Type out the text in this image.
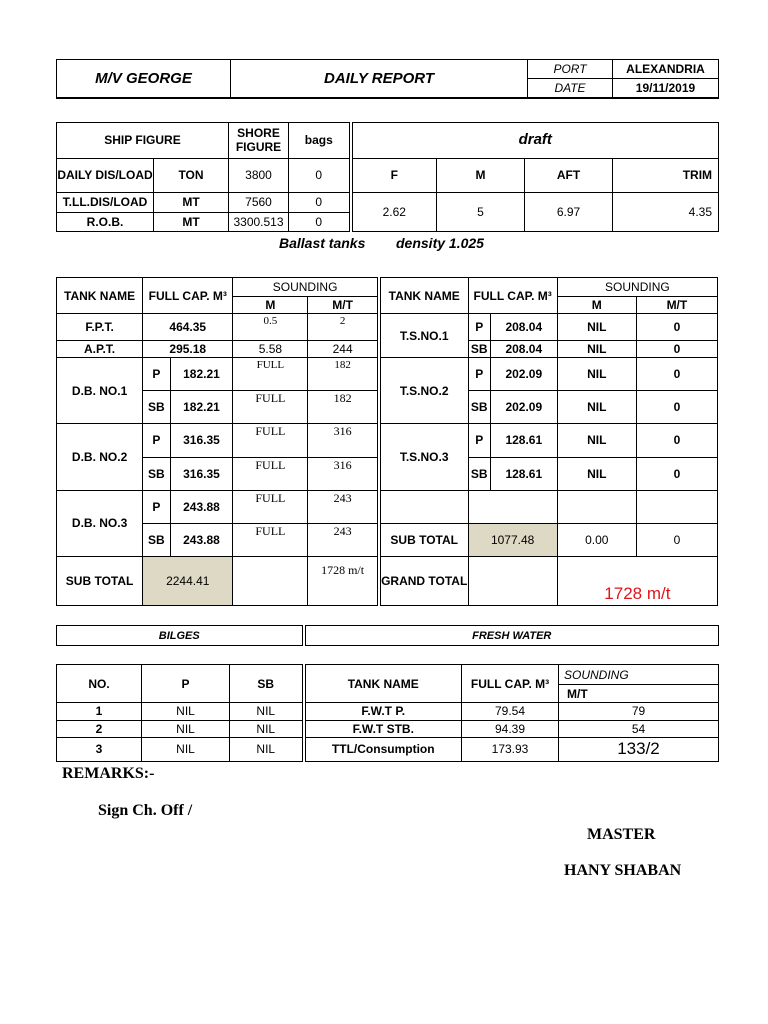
M/V GEORGE	DAILY REPORT	PORT	ALEXANDRIA
		DATE	19/11/2019
SHIP FIGURE		SHORE FIGURE	bags	draft			
DAILY DIS/LOAD	TON	3800	0	F	M	AFT	TRIM
T.LL.DIS/LOAD	MT	7560	0	2.62	5	6.97	4.35
R.O.B.	MT	3300.513	0				
Ballast tanks density 1.025
TANK NAME	FULL CAP. M³		SOUNDING		TANK NAME	FULL CAP. M³		SOUNDING	
			M	M/T				M	M/T
F.P.T.	464.35		0.5	2	T.S.NO.1	P	208.04	NIL	0
A.P.T.	295.18		5.58	244		SB	208.04	NIL	0
D.B. NO.1	P	182.21	FULL	182	T.S.NO.2	P	202.09	NIL	0
	SB	182.21	FULL	182		SB	202.09	NIL	0
D.B. NO.2	P	316.35	FULL	316	T.S.NO.3	P	128.61	NIL	0
	SB	316.35	FULL	316		SB	128.61	NIL	0
D.B. NO.3	P	243.88	FULL	243					
	SB	243.88	FULL	243	SUB TOTAL	1077.48		0.00	0
SUB TOTAL	2244.41			1728 m/t	GRAND TOTAL			1728 m/t	
BILGES	FRESH WATER
NO.	P	SB	TANK NAME	FULL CAP. M³	SOUNDING
					M/T
1	NIL	NIL	F.W.T P.	79.54	79
2	NIL	NIL	F.W.T STB.	94.39	54
3	NIL	NIL	TTL/Consumption	173.93	133/2
REMARKS:-
Sign Ch. Off /
MASTER
HANY SHABAN
